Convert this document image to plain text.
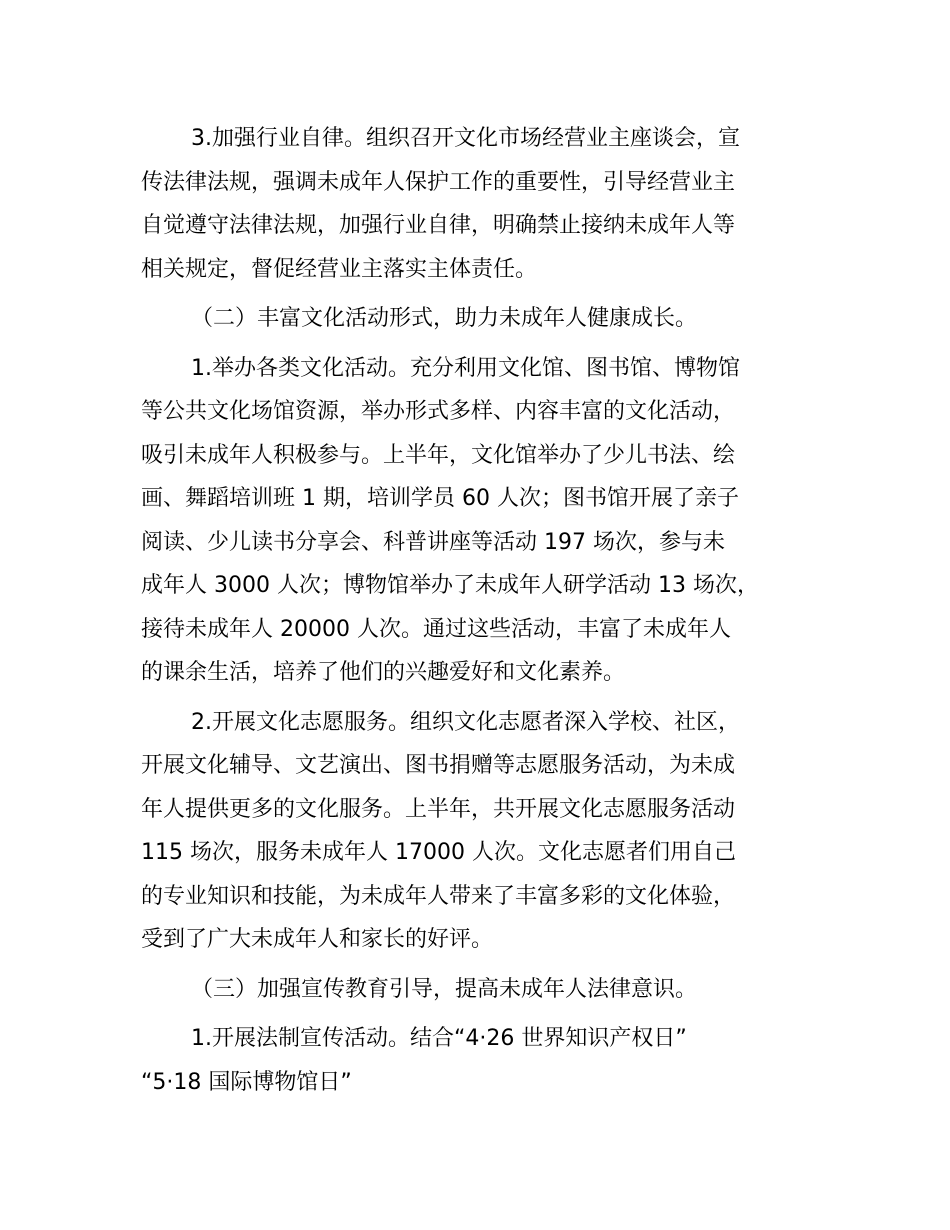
3.加强行业自律。组织召开文化市场经营业主座谈会，宣
传法律法规，强调未成年人保护工作的重要性，引导经营业主
自觉遵守法律法规，加强行业自律，明确禁止接纳未成年人等
相关规定，督促经营业主落实主体责任。

（二）丰富文化活动形式，助力未成年人健康成长。

1.举办各类文化活动。充分利用文化馆、图书馆、博物馆
等公共文化场馆资源，举办形式多样、内容丰富的文化活动，
吸引未成年人积极参与。上半年，文化馆举办了少儿书法、绘
画、舞蹈培训班 1 期，培训学员 60 人次；图书馆开展了亲子
阅读、少儿读书分享会、科普讲座等活动 197 场次，参与未
成年人 3000 人次；博物馆举办了未成年人研学活动 13 场次，
接待未成年人 20000 人次。通过这些活动，丰富了未成年人
的课余生活，培养了他们的兴趣爱好和文化素养。

2.开展文化志愿服务。组织文化志愿者深入学校、社区，
开展文化辅导、文艺演出、图书捐赠等志愿服务活动，为未成
年人提供更多的文化服务。上半年，共开展文化志愿服务活动
115 场次，服务未成年人 17000 人次。文化志愿者们用自己
的专业知识和技能，为未成年人带来了丰富多彩的文化体验，
受到了广大未成年人和家长的好评。

（三）加强宣传教育引导，提高未成年人法律意识。

1.开展法制宣传活动。结合“4·26 世界知识产权日”
“5·18 国际博物馆日”
